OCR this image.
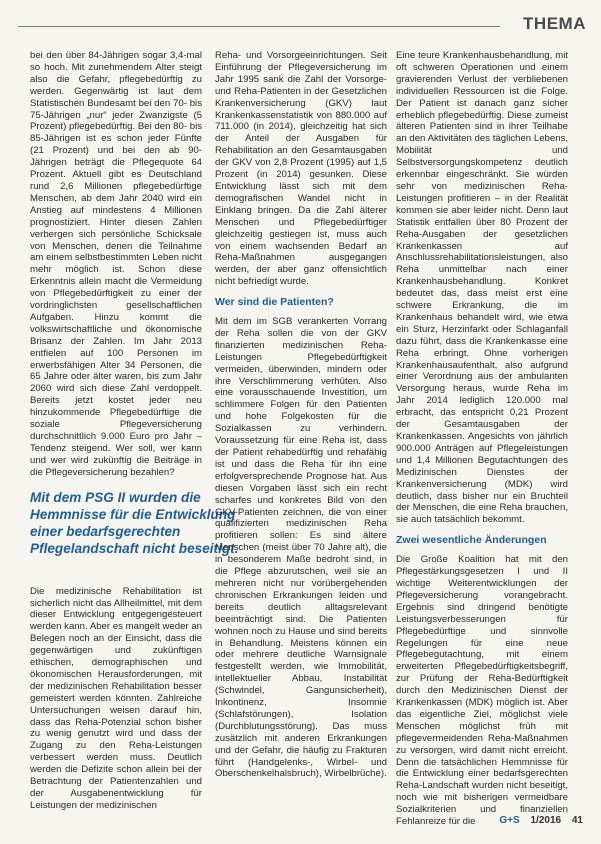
THEMA

bei den über 84-Jährigen sogar 3,4-mal so hoch. Mit zunehmendem Alter steigt also die Gefahr, pflegebedürftig zu werden. Gegenwärtig ist laut dem Statistischen Bundesamt bei den 70- bis 75-Jährigen „nur“ jeder Zwanzigste (5 Prozent) pflegebedürftig. Bei den 80- bis 85-Jährigen ist es schon jeder Fünfte (21 Prozent) und bei den ab 90-Jährigen beträgt die Pflegequote 64 Prozent. Aktuell gibt es Deutschland rund 2,6 Millionen pflegebedürftige Menschen, ab dem Jahr 2040 wird ein Anstieg auf mindestens 4 Millionen prognostiziert. Hinter diesen Zahlen verbergen sich persönliche Schicksale von Menschen, denen die Teilnahme am einem selbstbestimmten Leben nicht mehr möglich ist. Schon diese Erkenntnis allein macht die Vermeidung von Pflegebedürftigkeit zu einer der vordringlichsten gesellschaftlichen Aufgaben. Hinzu kommt die volkswirtschaftliche und ökonomische Brisanz der Zahlen. Im Jahr 2013 entfielen auf 100 Personen im erwerbsfähigen Alter 34 Personen, die 65 Jahre oder älter waren, bis zum Jahr 2060 wird sich diese Zahl verdoppelt. Bereits jetzt kostet jeder neu hinzukommende Pflegebedürftige die soziale Pflegeversicherung durchschnittlich 9.000 Euro pro Jahr – Tendenz steigend. Wer soll, wer kann und wer wird zukünftig die Beiträge in die Pflegeversicherung bezahlen?

Mit dem PSG II wurden die Hemmnisse für die Entwicklung einer bedarfsgerechten Pflegelandschaft nicht beseitigt.

Die medizinische Rehabilitation ist sicherlich nicht das Allheilmittel, mit dem dieser Entwicklung entgegengesteuert werden kann. Aber es mangelt weder an Belegen noch an der Einsicht, dass die gegenwärtigen und zukünftigen ethischen, demographischen und ökonomischen Herausforderungen, mit der medizinischen Rehabilitation besser gemeistert werden könnten. Zahlreiche Untersuchungen weisen darauf hin, dass das Reha-Potenzial schon bisher zu wenig genutzt wird und dass der Zugang zu den Reha-Leistungen verbessert werden muss. Deutlich werden die Defizite schon allein bei der Betrachtung der Patientenzahlen und der Ausgabenentwicklung für Leistungen der medizinischen

Reha- und Vorsorgeeinrichtungen. Seit Einführung der Pflegeversicherung im Jahr 1995 sank die Zahl der Vorsorge- und Reha-Patienten in der Gesetzlichen Krankenversicherung (GKV) laut Krankenkassenstatistik von 880.000 auf 711.000 (in 2014), gleichzeitig hat sich der Anteil der Ausgaben für Rehabilitation an den Gesamtausgaben der GKV von 2,8 Prozent (1995) auf 1,5 Prozent (in 2014) gesunken. Diese Entwicklung lässt sich mit dem demografischen Wandel nicht in Einklang bringen. Da die Zahl älterer Menschen und Pflegebedürftiger gleichzeitig gestiegen ist, muss auch von einem wachsenden Bedarf an Reha-Maßnahmen ausgegangen werden, der aber ganz offensichtlich nicht befriedigt wurde.

Wer sind die Patienten?

Mit dem im SGB verankerten Vorrang der Reha sollen die von der GKV finanzierten medizinischen Reha-Leistungen Pflegebedürftigkeit vermeiden, überwinden, mindern oder ihre Verschlimmerung verhüten. Also eine vorausschauende Investition, um schlimmere Folgen für den Patienten und hohe Folgekosten für die Sozialkassen zu verhindern. Voraussetzung für eine Reha ist, dass der Patient rehabedürftig und rehafähig ist und dass die Reha für ihn eine erfolgversprechende Prognose hat. Aus diesen Vorgaben lässt sich ein recht scharfes und konkretes Bild von den GKV-Patienten zeichnen, die von einer qualifizierten medizinischen Reha profitieren sollen: Es sind ältere Menschen (meist über 70 Jahre alt), die in besonderem Maße bedroht sind, in die Pflege abzurutschen, weil sie an mehreren nicht nur vorübergehenden chronischen Erkrankungen leiden und bereits deutlich alltagsrelevant beeinträchtigt sind. Die Patienten wohnen noch zu Hause und sind bereits in Behandlung. Meistens können ein oder mehrere deutliche Warnsignale festgestellt werden, wie Immobilität, intellektueller Abbau, Instabilität (Schwindel, Gangunsicherheit), Inkontinenz, Insomnie (Schlafstörungen), Isolation (Durchblutungsstörung). Das muss zusätzlich mit anderen Erkrankungen und der Gefahr, die häufig zu Frakturen führt (Handgelenks-, Wirbel- und Oberschenkelhalsbruch), Wirbelbrüche).

Eine teure Krankenhausbehandlung, mit oft schweren Operationen und einem gravierenden Verlust der verbliebenen individuellen Ressourcen ist die Folge. Der Patient ist danach ganz sicher erheblich pflegebedürftig. Diese zumeist älteren Patienten sind in ihrer Teilhabe an den Aktivitäten des täglichen Lebens, Mobilität und Selbstversorgungskompetenz deutlich erkennbar eingeschränkt. Sie würden sehr von medizinischen Reha-Leistungen profitieren – in der Realität kommen sie aber leider nicht. Denn laut Statistik entfallen über 80 Prozent der Reha-Ausgaben der gesetzlichen Krankenkassen auf Anschlussrehabilitationsleistungen, also Reha unmittelbar nach einer Krankenhausbehandlung. Konkret bedeutet das, dass meist erst eine schwere Erkrankung, die im Krankenhaus behandelt wird, wie etwa ein Sturz, Herzinfarkt oder Schlaganfall dazu führt, dass die Krankenkasse eine Reha erbringt. Ohne vorherigen Krankenhausaufenthalt, also aufgrund einer Verordnung aus der ambulanten Versorgung heraus, wurde Reha im Jahr 2014 lediglich 120.000 mal erbracht, das entspricht 0,21 Prozent der Gesamtausgaben der Krankenkassen. Angesichts von jährlich 900.000 Anträgen auf Pflegeleistungen und 1,4 Millionen Begutachtungen des Medizinischen Dienstes der Krankenversicherung (MDK) wird deutlich, dass bisher nur ein Bruchteil der Menschen, die eine Reha brauchen, sie auch tatsächlich bekommt.

Zwei wesentliche Änderungen

Die Große Koalition hat mit den Pflegestärkungsgesetzen I und II wichtige Weiterentwicklungen der Pflegeversicherung vorangebracht. Ergebnis sind dringend benötigte Leistungsverbesserungen für Pflegebedürftige und sinnvolle Regelungen für eine neue Pflegebegutachtung, mit einem erweiterten Pflegebedürftigkeitsbegriff, zur Prüfung der Reha-Bedürftigkeit durch den Medizinischen Dienst der Krankenkassen (MDK) möglich ist. Aber das eigentliche Ziel, möglichst viele Menschen möglichst früh mit pflegevermeidenden Reha-Maßnahmen zu versorgen, wird damit nicht erreicht. Denn die tatsächlichen Hemmnisse für die Entwicklung einer bedarfsgerechten Reha-Landschaft wurden nicht beseitigt, noch wie mit bisherigen vermeidbare Sozialkriterien und finanziellen Fehlanreize für die	G+S 1/2016 41
